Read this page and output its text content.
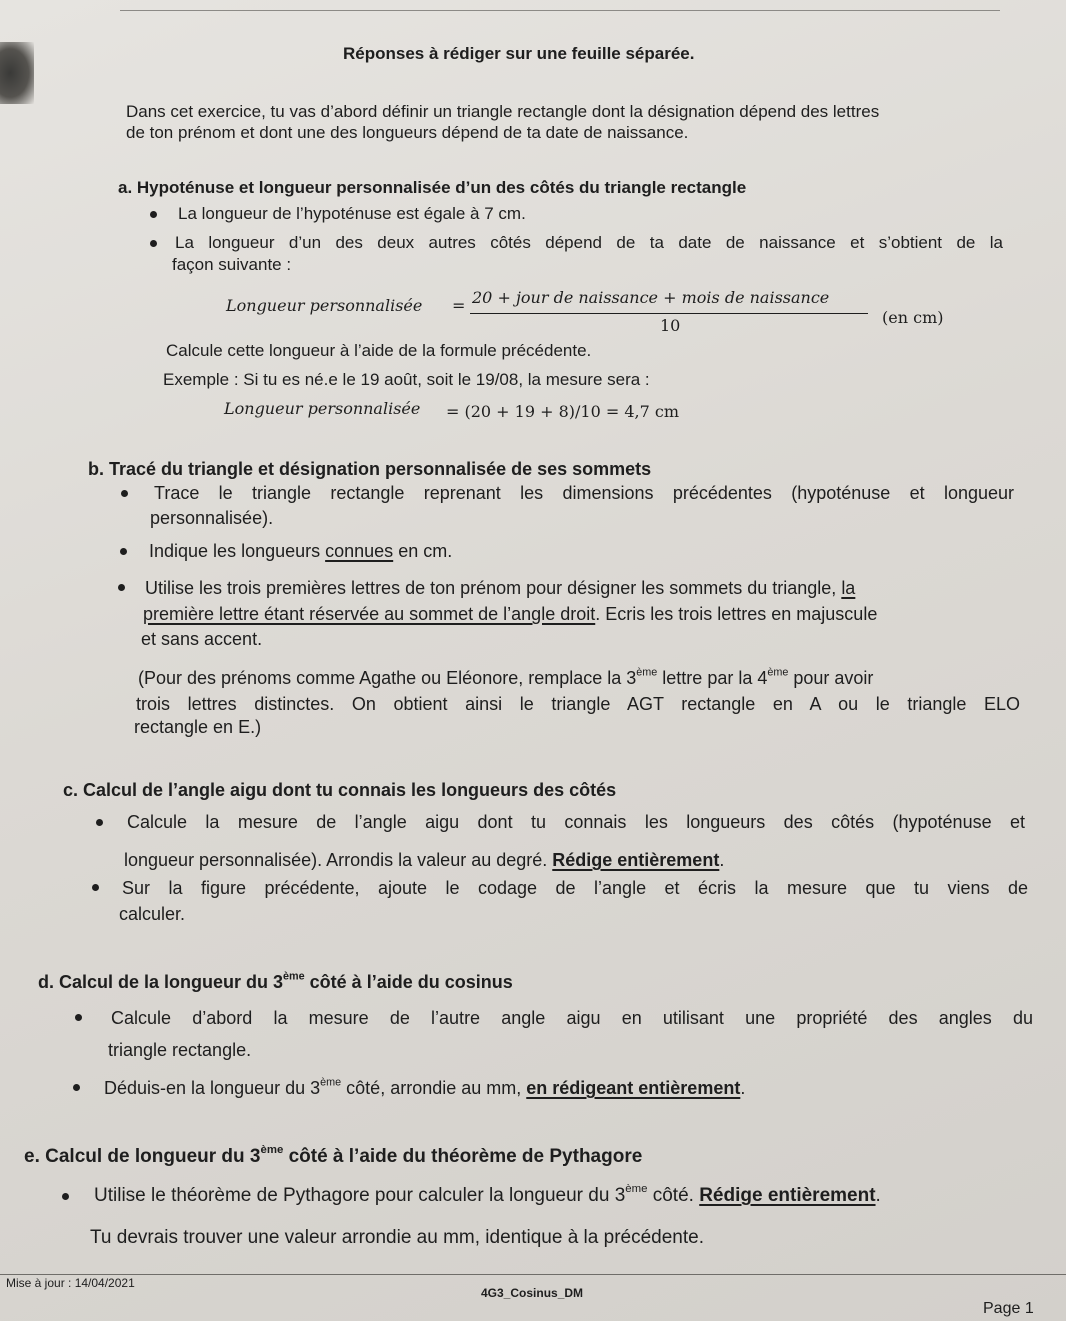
Réponses à rédiger sur une feuille séparée.
Dans cet exercice, tu vas d’abord définir un triangle rectangle dont la désignation dépend des lettres
de ton prénom et dont une des longueurs dépend de ta date de naissance.
a. Hypoténuse et longueur personnalisée d’un des côtés du triangle rectangle
La longueur de l’hypoténuse est égale à 7 cm.
La longueur d’un des deux autres côtés dépend de ta date de naissance et s’obtient de la
façon suivante :
Longueur personnalisée = 20 + jour de naissance + mois de naissance
10	(en cm)
Calcule cette longueur à l’aide de la formule précédente.
Exemple : Si tu es né.e le 19 août, soit le 19/08, la mesure sera :
Longueur personnalisée = (20 + 19 + 8)/10 = 4,7 cm
b. Tracé du triangle et désignation personnalisée de ses sommets
Trace le triangle rectangle reprenant les dimensions précédentes (hypoténuse et longueur
personnalisée).
Indique les longueurs connues en cm.
Utilise les trois premières lettres de ton prénom pour désigner les sommets du triangle, la
première lettre étant réservée au sommet de l’angle droit. Ecris les trois lettres en majuscule
et sans accent.
(Pour des prénoms comme Agathe ou Eléonore, remplace la 3ème lettre par la 4ème pour avoir
trois lettres distinctes. On obtient ainsi le triangle AGT rectangle en A ou le triangle ELO
rectangle en E.)
c. Calcul de l’angle aigu dont tu connais les longueurs des côtés
Calcule la mesure de l’angle aigu dont tu connais les longueurs des côtés (hypoténuse et
longueur personnalisée). Arrondis la valeur au degré. Rédige entièrement.
Sur la figure précédente, ajoute le codage de l’angle et écris la mesure que tu viens de
calculer.
d. Calcul de la longueur du 3ème côté à l’aide du cosinus
Calcule d’abord la mesure de l’autre angle aigu en utilisant une propriété des angles du
triangle rectangle.
Déduis-en la longueur du 3ème côté, arrondie au mm, en rédigeant entièrement.
e. Calcul de longueur du 3ème côté à l’aide du théorème de Pythagore
Utilise le théorème de Pythagore pour calculer la longueur du 3ème côté. Rédige entièrement.
Tu devrais trouver une valeur arrondie au mm, identique à la précédente.
Mise à jour : 14/04/2021
4G3_Cosinus_DM
Page 1
